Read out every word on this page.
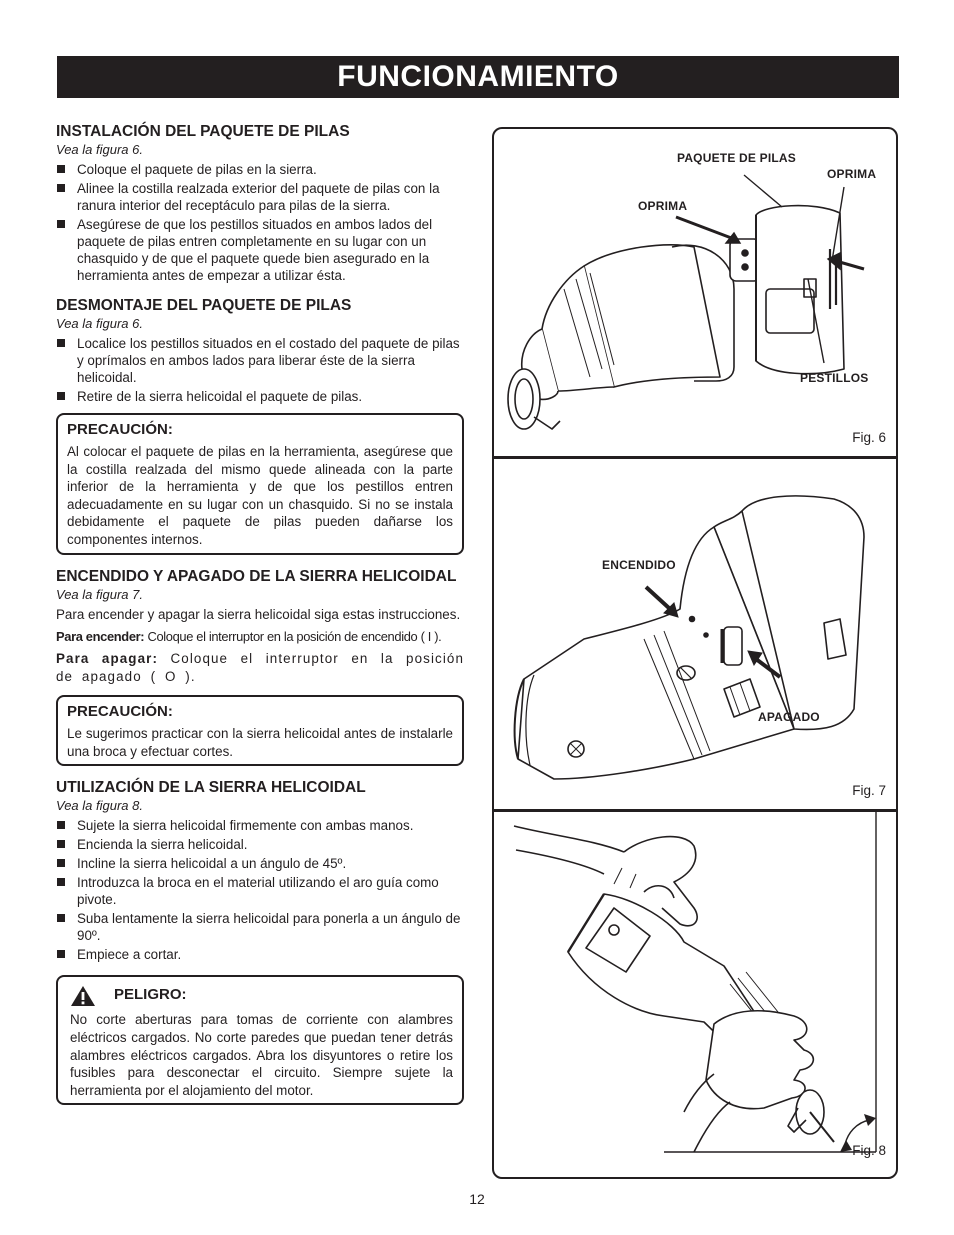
FUNCIONAMIENTO
INSTALACIÓN DEL PAQUETE DE PILAS
Vea la figura 6.
Coloque el paquete de pilas en la sierra.
Alinee la costilla realzada exterior del paquete de pilas con la ranura interior del receptáculo para pilas de la sierra.
Asegúrese de que los pestillos situados en ambos lados del paquete de pilas entren completamente en su lugar con un chasquido y de que el paquete quede bien asegurado en la herramienta antes de empezar a utilizar ésta.
DESMONTAJE DEL PAQUETE DE PILAS
Vea la figura 6.
Localice los pestillos situados en el costado del paquete de pilas y oprímalos en ambos lados para liberar éste de la sierra helicoidal.
Retire de la sierra helicoidal el paquete de pilas.
PRECAUCIÓN:
Al colocar el paquete de pilas en la herramienta, asegúrese que la costilla realzada del mismo quede alineada con la parte inferior de la herramienta y de que los pestillos entren adecuadamente en su lugar con un chasquido. Si no se instala debidamente el paquete de pilas pueden dañarse los componentes internos.
ENCENDIDO Y APAGADO DE LA SIERRA HELICOIDAL
Vea la figura 7.
Para encender y apagar la sierra helicoidal siga estas instrucciones.
Para encender: Coloque el interruptor en la posición de encendido ( I ).
Para apagar: Coloque el interruptor en la posición de apagado ( O ).
PRECAUCIÓN:
Le sugerimos practicar con la sierra helicoidal antes de instalarle una broca y efectuar cortes.
UTILIZACIÓN DE LA SIERRA HELICOIDAL
Vea la figura 8.
Sujete la sierra helicoidal firmemente con ambas manos.
Encienda la sierra helicoidal.
Incline la sierra helicoidal a un ángulo de 45º.
Introduzca la broca en el material utilizando el aro guía como pivote.
Suba lentamente la sierra helicoidal para ponerla a un ángulo de 90º.
Empiece a cortar.
PELIGRO:
No corte aberturas para tomas de corriente con alambres eléctricos cargados. No corte paredes que puedan tener detrás alambres eléctricos cargados. Abra los disyuntores o retire los fusibles para desconectar el circuito. Siempre sujete la herramienta por el alojamiento del motor.
PAQUETE DE PILAS
OPRIMA
OPRIMA
PESTILLOS
Fig. 6
ENCENDIDO
APAGADO
Fig. 7
Fig. 8
12
